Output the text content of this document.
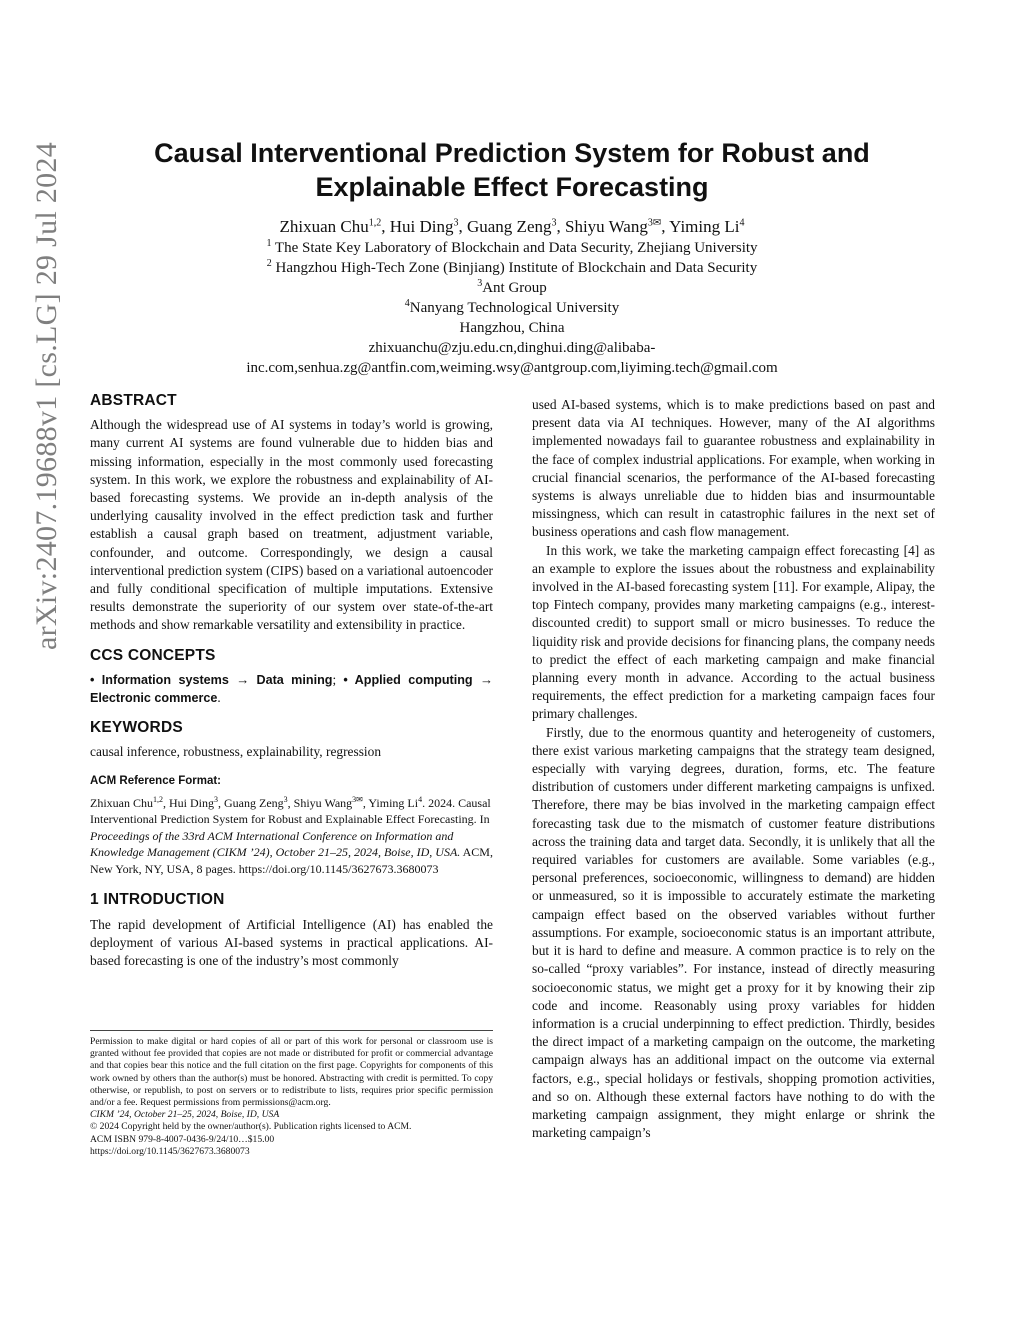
arXiv:2407.19688v1 [cs.LG] 29 Jul 2024	Causal Interventional Prediction System for Robust and
Explainable Effect Forecasting
Zhixuan Chu$^{1,2}$, Hui Ding$^3$, Guang Zeng$^3$, Shiyu Wang$^{3✉}$, Yiming Li$^4$
$^1$ The State Key Laboratory of Blockchain and Data Security, Zhejiang University
$^2$ Hangzhou High-Tech Zone (Binjiang) Institute of Blockchain and Data Security
$^3$Ant Group
$^4$Nanyang Technological University
Hangzhou, China
zhixuanchu@zju.edu.cn,dinghui.ding@alibaba-
inc.com,senhua.zg@antfin.com,weiming.wsy@antgroup.com,liyiming.tech@gmail.com
ABSTRACT

Although the widespread use of AI systems in today’s world is growing, many current AI systems are found vulnerable due to hidden bias and missing information, especially in the most commonly used forecasting system. In this work, we explore the robustness and explainability of AI-based forecasting systems. We provide an in-depth analysis of the underlying causality involved in the effect prediction task and further establish a causal graph based on treatment, adjustment variable, confounder, and outcome. Correspondingly, we design a causal interventional prediction system (CIPS) based on a variational autoencoder and fully conditional specification of multiple imputations. Extensive results demonstrate the superiority of our system over state-of-the-art methods and show remarkable versatility and extensibility in practice.

CCS CONCEPTS

• Information systems → Data mining; • Applied computing → Electronic commerce.

KEYWORDS

causal inference, robustness, explainability, regression

ACM Reference Format:

Zhixuan Chu$^{1,2}$, Hui Ding$^3$, Guang Zeng$^3$, Shiyu Wang$^{3✉}$, Yiming Li$^4$. 2024. Causal Interventional Prediction System for Robust and Explainable Effect Forecasting. In Proceedings of the 33rd ACM International Conference on Information and Knowledge Management (CIKM ’24), October 21–25, 2024, Boise, ID, USA. ACM, New York, NY, USA, 8 pages. https://doi.org/10.1145/3627673.3680073

1 INTRODUCTION

The rapid development of Artificial Intelligence (AI) has enabled the deployment of various AI-based systems in practical applications. AI-based forecasting is one of the industry’s most commonly

Permission to make digital or hard copies of all or part of this work for personal or classroom use is granted without fee provided that copies are not made or distributed for profit or commercial advantage and that copies bear this notice and the full citation on the first page. Copyrights for components of this work owned by others than the author(s) must be honored. Abstracting with credit is permitted. To copy otherwise, or republish, to post on servers or to redistribute to lists, requires prior specific permission and/or a fee. Request permissions from permissions@acm.org.

CIKM ’24, October 21–25, 2024, Boise, ID, USA

© 2024 Copyright held by the owner/author(s). Publication rights licensed to ACM.

ACM ISBN 979-8-4007-0436-9/24/10…$15.00

https://doi.org/10.1145/3627673.3680073

used AI-based systems, which is to make predictions based on past and present data via AI techniques. However, many of the AI algorithms implemented nowadays fail to guarantee robustness and explainability in the face of complex industrial applications. For example, when working in crucial financial scenarios, the performance of the AI-based forecasting systems is always unreliable due to hidden bias and insurmountable missingness, which can result in catastrophic failures in the next set of business operations and cash flow management.

In this work, we take the marketing campaign effect forecasting [4] as an example to explore the issues about the robustness and explainability involved in the AI-based forecasting system [11]. For example, Alipay, the top Fintech company, provides many marketing campaigns (e.g., interest-discounted credit) to support small or micro businesses. To reduce the liquidity risk and provide decisions for financing plans, the company needs to predict the effect of each marketing campaign and make financial planning every month in advance. According to the actual business requirements, the effect prediction for a marketing campaign faces four primary challenges.

Firstly, due to the enormous quantity and heterogeneity of customers, there exist various marketing campaigns that the strategy team designed, especially with varying degrees, duration, forms, etc. The feature distribution of customers under different marketing campaigns is unfixed. Therefore, there may be bias involved in the marketing campaign effect forecasting task due to the mismatch of customer feature distributions across the training data and target data. Secondly, it is unlikely that all the required variables for customers are available. Some variables (e.g., personal preferences, socioeconomic, willingness to demand) are hidden or unmeasured, so it is impossible to accurately estimate the marketing campaign effect based on the observed variables without further assumptions. For example, socioeconomic status is an important attribute, but it is hard to define and measure. A common practice is to rely on the so-called “proxy variables”. For instance, instead of directly measuring socioeconomic status, we might get a proxy for it by knowing their zip code and income. Reasonably using proxy variables for hidden information is a crucial underpinning to effect prediction. Thirdly, besides the direct impact of a marketing campaign on the outcome, the marketing campaign always has an additional impact on the outcome via external factors, e.g., special holidays or festivals, shopping promotion activities, and so on. Although these external factors have nothing to do with the marketing campaign assignment, they might enlarge or shrink the marketing campaign’s
